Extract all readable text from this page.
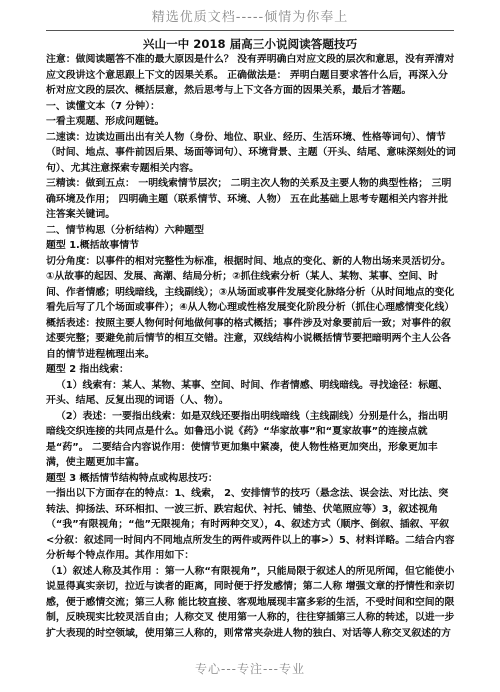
精选优质文档-----倾情为你奉上
兴山一中 2018 届高三小说阅读答题技巧

注意：做阅读题答不准的最大原因是什么？ 没有弄明确白对应文段的层次和意思，没有弄清对应文段讲这个意思跟上下文的因果关系。 正确做法是： 弄明白题目要求答什么后，再深入分析对应文段的层次、概括层意，然后思考与上下文各方面的因果关系，最后才答题。

一、读懂文本（7 分钟）：

一看主观题、形成问题链。

二速读：边读边画出出有关人物（身份、地位、职业、经历、生活环境、性格等词句）、情节（时间、地点、事件前因后果、场面等词句）、环境背景、主题（开头、结尾、意味深刻处的词句）、尤其注意探索专题相关内容。

三精读：做到五点： 一明线索情节层次； 二明主次人物的关系及主要人物的典型性格； 三明确环境及作用； 四明确主题（联系情节、环境、人物） 五在此基础上思考专题相关内容并批注答案关键词。

二、情节构思（分析结构）六种题型

题型 1.概括故事情节

切分角度：以事件的相对完整性为标准，根据时间、地点的变化、新的人物出场来灵活切分。①从故事的起因、发展、高潮、结局分析；②抓住线索分析（某人、某物、某事、空间、时间、作者情感；明线暗线，主线副线）；③从场面或事件发展变化脉络分析（从时间地点的变化看先后写了几个场面或事件）；④从人物心理或性格发展变化阶段分析（抓住心理感情变化线）

概括表述：按照主要人物何时何地做何事的格式概括；事件涉及对象要前后一致；对事件的叙述要完整；要避免前后情节的相互交错。注意，双线结构小说概括情节要把暗明两个主人公各自的情节进程梳理出来。

题型 2 指出线索：

（1）线索有：某人、某物、某事、空间、时间、作者情感、明线暗线。寻找途径：标题、开头、结尾、反复出现的词语（人、物）。

（2）表述：一要指出线索：如是双线还要指出明线暗线（主线副线）分别是什么，指出明暗线交织连接的共同点是什么。如鲁迅小说《药》“华家故事”和“夏家故事”的连接点就是“药”。 二要结合内容说作用：使情节更加集中紧凑，使人物性格更加突出，形象更加丰满，使主题更加丰富。

题型 3 概括情节结构特点或构思技巧：

一指出以下方面存在的特点：1、线索， 2、安排情节的技巧（悬念法、误会法、对比法、突转法、抑扬法、环环相扣、一波三折、跌宕起伏、衬托、铺垫、伏笔照应等）3，叙述视角（“我”有限视角；“他”无限视角；有时两种交叉），4、叙述方式（顺序、倒叙、插叙、平叙<分叙：叙述同一时间内不同地点所发生的两件或两件以上的事>）5、材料详略。二结合内容分析每个特点作用。其作用如下：

（1）叙述人称及其作用 ：第一人称“有限视角”，只能局限于叙述人的所见所闻，但它能使小说显得真实亲切，拉近与读者的距离，同时便于抒发感情；第二人称 增强文章的抒情性和亲切感，便于感情交流；第三人称 能比较直接、客观地展现丰富多彩的生活，不受时间和空间的限制，反映现实比较灵活自由；人称交叉 使用第一人称的，往往穿插第三人称的转述，以进一步扩大表现的时空领域，使用第三人称的，则常常夹杂进人物的独白、对话等人称交叉叙述的方

专心---专注---专业
